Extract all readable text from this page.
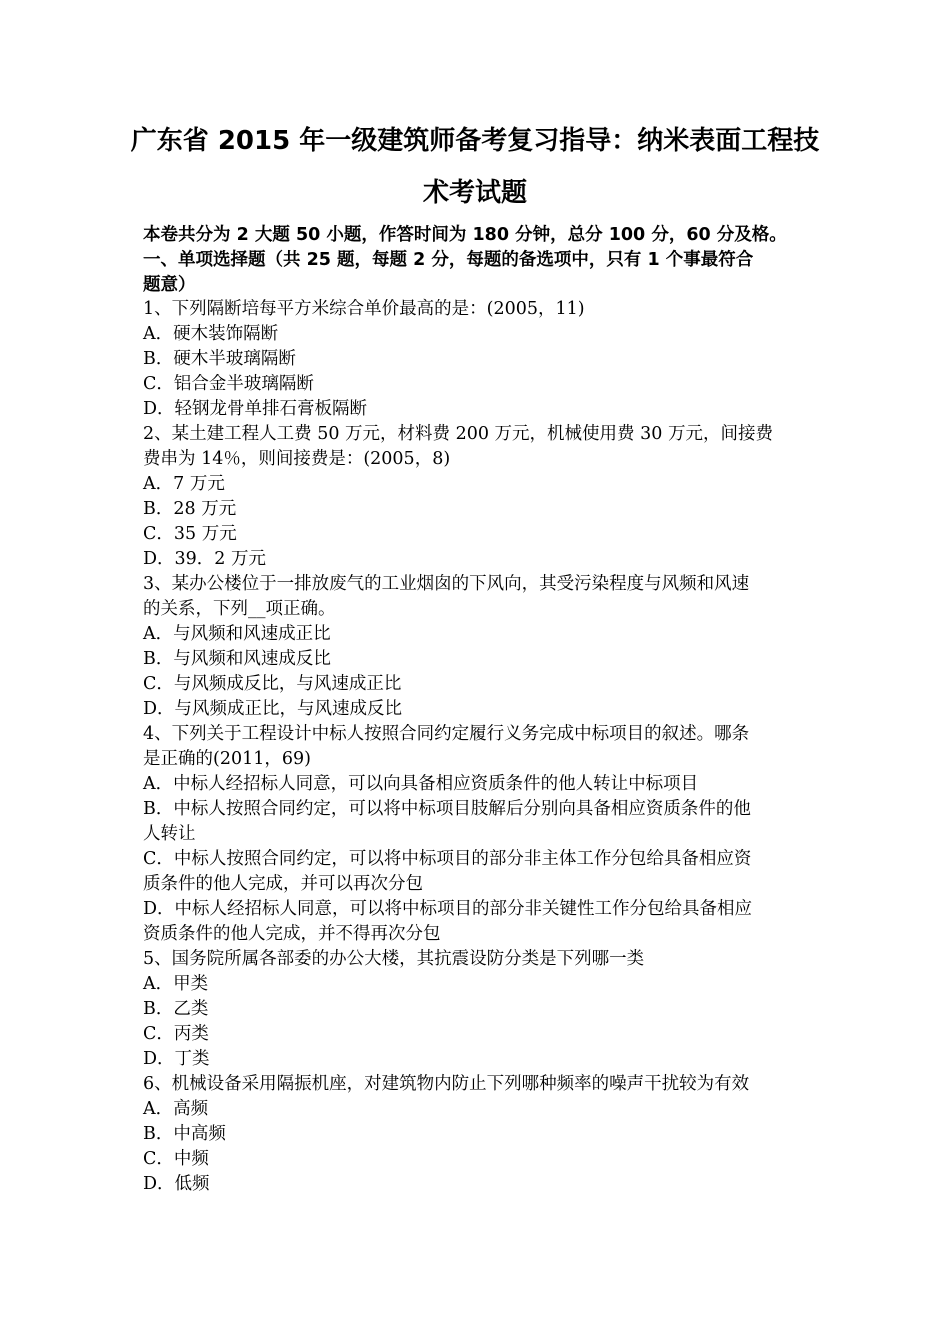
广东省 2015 年一级建筑师备考复习指导：纳米表面工程技
术考试题
本卷共分为 2 大题 50 小题，作答时间为 180 分钟，总分 100 分，60 分及格。
一、单项选择题（共 25 题，每题 2 分，每题的备选项中，只有 1 个事最符合
题意）
1、下列隔断培每平方米综合单价最高的是：(2005，11)
A．硬木装饰隔断
B．硬木半玻璃隔断
C．铝合金半玻璃隔断
D．轻钢龙骨单排石膏板隔断
2、某土建工程人工费 50 万元，材料费 200 万元，机械使用费 30 万元，间接费
费串为 14％，则间接费是：(2005，8)
A．7 万元
B．28 万元
C．35 万元
D．39．2 万元
3、某办公楼位于一排放废气的工业烟囱的下风向，其受污染程度与风频和风速
的关系，下列__项正确。
A．与风频和风速成正比
B．与风频和风速成反比
C．与风频成反比，与风速成正比
D．与风频成正比，与风速成反比
4、下列关于工程设计中标人按照合同约定履行义务完成中标项目的叙述。哪条
是正确的(2011，69)
A．中标人经招标人同意，可以向具备相应资质条件的他人转让中标项目
B．中标人按照合同约定，可以将中标项目肢解后分别向具备相应资质条件的他
人转让
C．中标人按照合同约定，可以将中标项目的部分非主体工作分包给具备相应资
质条件的他人完成，并可以再次分包
D．中标人经招标人同意，可以将中标项目的部分非关键性工作分包给具备相应
资质条件的他人完成，并不得再次分包
5、国务院所属各部委的办公大楼，其抗震设防分类是下列哪一类
A．甲类
B．乙类
C．丙类
D．丁类
6、机械设备采用隔振机座，对建筑物内防止下列哪种频率的噪声干扰较为有效
A．高频
B．中高频
C．中频
D．低频
